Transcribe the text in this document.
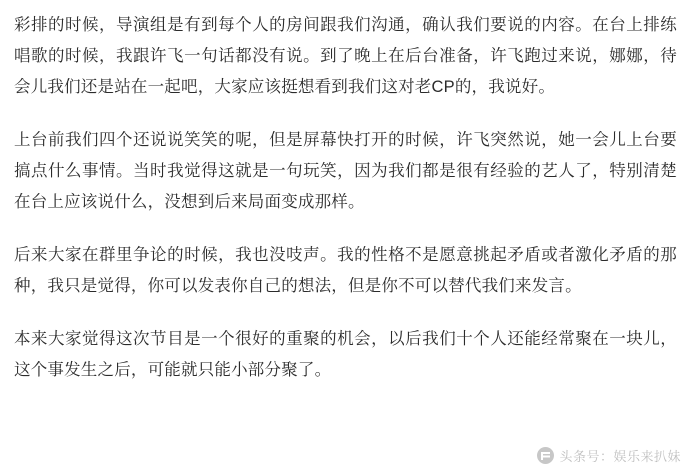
彩排的时候，导演组是有到每个人的房间跟我们沟通，确认我们要说的内容。在台上排练唱歌的时候，我跟许飞一句话都没有说。到了晚上在后台准备，许飞跑过来说，娜娜，待会儿我们还是站在一起吧，大家应该挺想看到我们这对老CP的，我说好。

上台前我们四个还说说笑笑的呢，但是屏幕快打开的时候，许飞突然说，她一会儿上台要搞点什么事情。当时我觉得这就是一句玩笑，因为我们都是很有经验的艺人了，特别清楚在台上应该说什么，没想到后来局面变成那样。

后来大家在群里争论的时候，我也没吱声。我的性格不是愿意挑起矛盾或者激化矛盾的那种，我只是觉得，你可以发表你自己的想法，但是你不可以替代我们来发言。

本来大家觉得这次节目是一个很好的重聚的机会，以后我们十个人还能经常聚在一块儿，这个事发生之后，可能就只能小部分聚了。

头条号：娱乐来扒妹
